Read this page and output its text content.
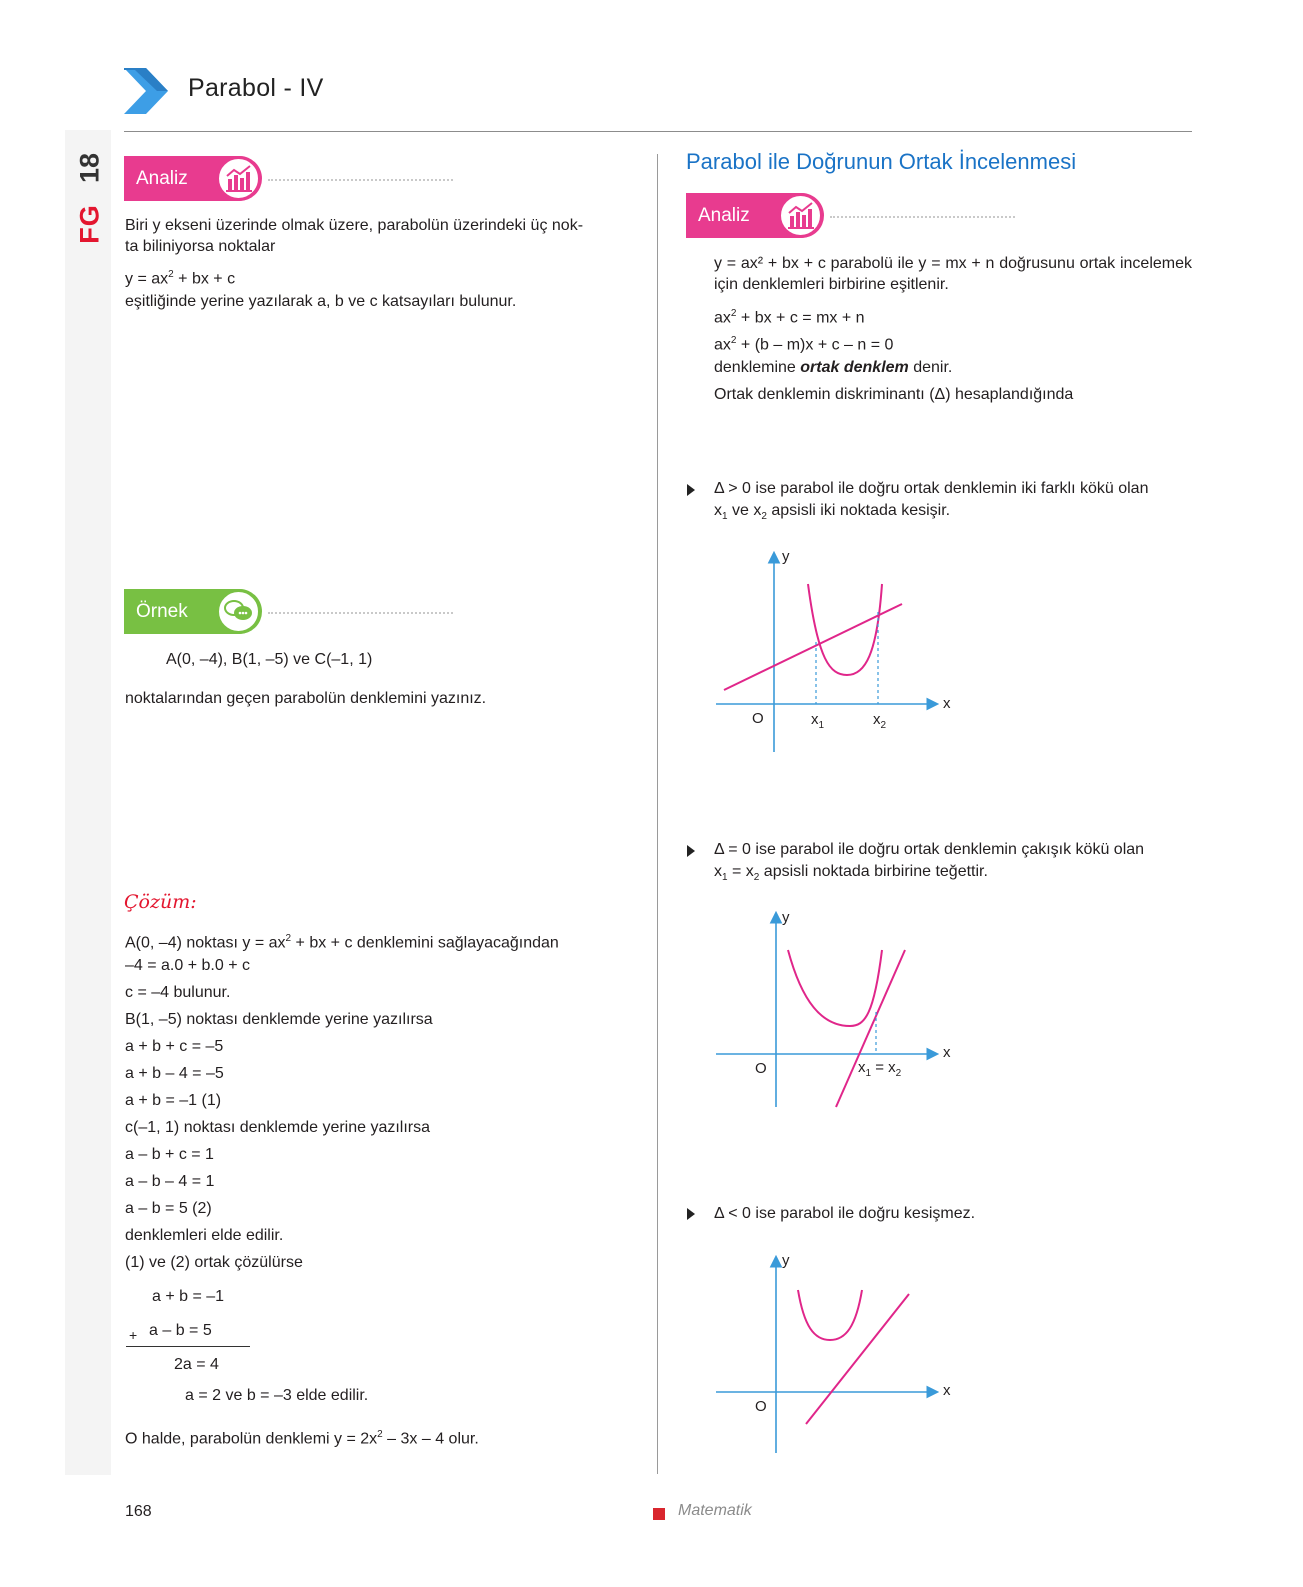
18
FG
Parabol - IV
Analiz
Biri y ekseni üzerinde olmak üzere, parabolün üzerindeki üç nok-
ta biliniyorsa noktalar
$y = ax^2$ + bx + c
eşitliğinde yerine yazılarak a, b ve c katsayıları bulunur.
Örnek
A(0, –4), B(1, –5) ve C(–1, 1)
noktalarından geçen parabolün denklemini yazınız.
Çözüm:
A(0, –4) noktası $y = ax^2$ + bx + c denklemini sağlayacağından
–4 = a.0 + b.0 + c
c = –4 bulunur.
B(1, –5) noktası denklemde yerine yazılırsa
a + b + c = –5
a + b – 4 = –5
a + b = –1 (1)
c(–1, 1) noktası denklemde yerine yazılırsa
a – b + c = 1
a – b – 4 = 1
a – b = 5 (2)
denklemleri elde edilir.
(1) ve (2) ortak çözülürse
a + b = –1
+ a – b = 5
2a = 4
a = 2 ve b = –3 elde edilir.
O halde, parabolün denklemi $y = 2x^2 - 3x - 4$ olur.
Parabol ile Doğrunun Ortak İncelenmesi
Analiz
y = ax² + bx + c parabolü ile y = mx + n doğrusunu ortak incelemek için denklemleri birbirine eşitlenir.
$ax^2$ + bx + c = mx + n
$ax^2 + (b - m)x + c - n = 0$
denklemine ortak denklem denir.
Ortak denklemin diskriminantı (Δ) hesaplandığında
Δ > 0 ise parabol ile doğru ortak denklemin iki farklı kökü olan
$x_1$ ve $x_2$ apsisli iki noktada kesişir.
y
x
O	$x_1$	$x_2$
Δ = 0 ise parabol ile doğru ortak denklemin çakışık kökü olan
$x_1 = x_2$ apsisli noktada birbirine teğettir.
y
x
O	$x_1 = x_2$
Δ < 0 ise parabol ile doğru kesişmez.
y
x
O
168	Matematik
